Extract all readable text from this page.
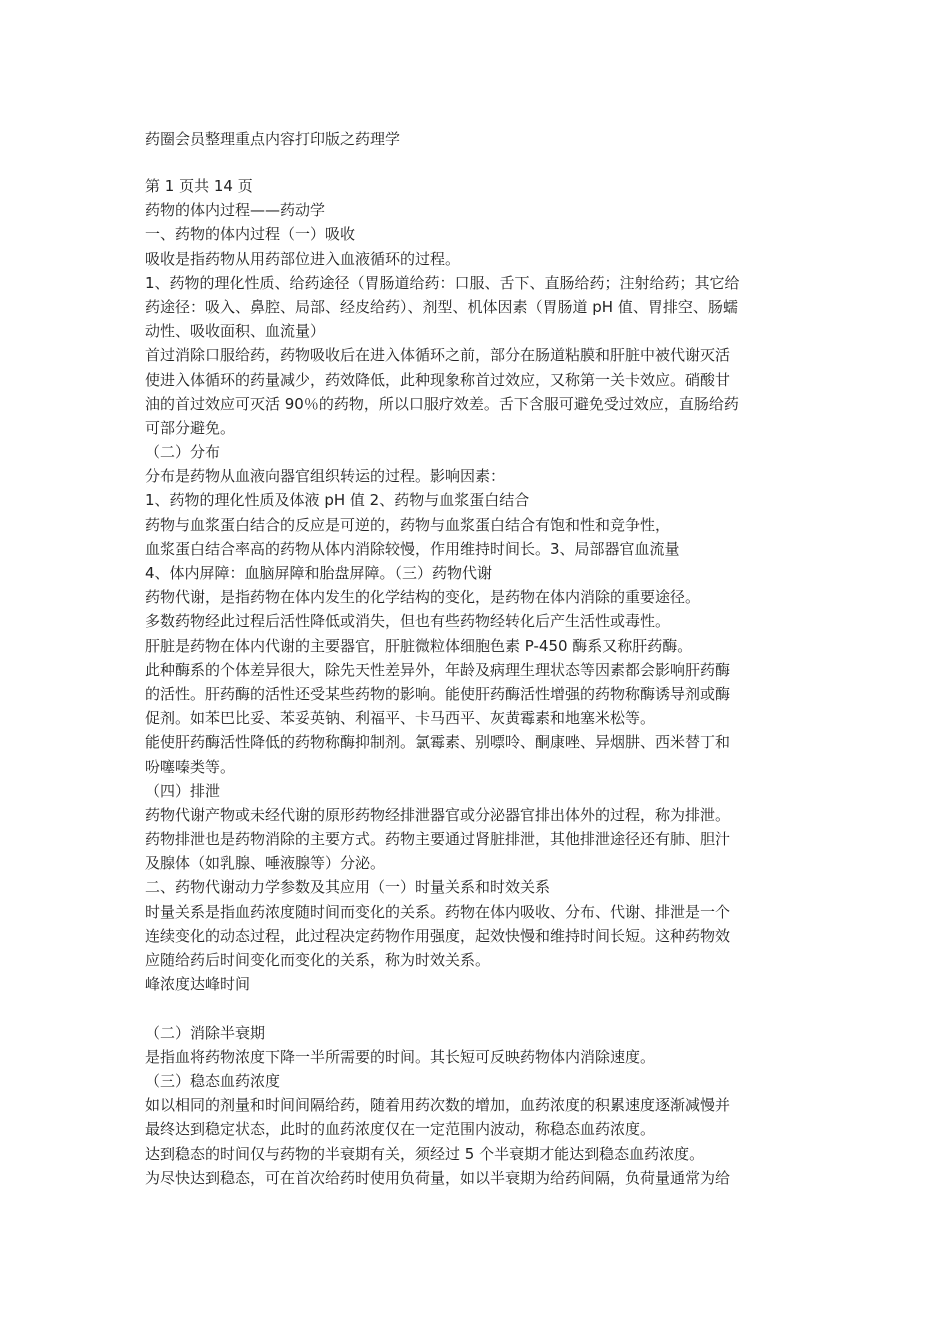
药圈会员整理重点内容打印版之药理学
第 1 页共 14 页
药物的体内过程——药动学
一、药物的体内过程（一）吸收
吸收是指药物从用药部位进入血液循环的过程。
1、药物的理化性质、给药途径（胃肠道给药：口服、舌下、直肠给药；注射给药；其它给
药途径：吸入、鼻腔、局部、经皮给药）、剂型、机体因素（胃肠道 pH 值、胃排空、肠蠕
动性、吸收面积、血流量）
首过消除口服给药，药物吸收后在进入体循环之前，部分在肠道粘膜和肝脏中被代谢灭活
使进入体循环的药量减少，药效降低，此种现象称首过效应，又称第一关卡效应。硝酸甘
油的首过效应可灭活 90％的药物，所以口服疗效差。舌下含服可避免受过效应，直肠给药
可部分避免。
（二）分布
分布是药物从血液向器官组织转运的过程。影响因素：
1、药物的理化性质及体液 pH 值 2、药物与血浆蛋白结合
药物与血浆蛋白结合的反应是可逆的，药物与血浆蛋白结合有饱和性和竞争性，
血浆蛋白结合率高的药物从体内消除较慢，作用维持时间长。3、局部器官血流量
4、体内屏障：血脑屏障和胎盘屏障。（三）药物代谢
药物代谢，是指药物在体内发生的化学结构的变化，是药物在体内消除的重要途径。
多数药物经此过程后活性降低或消失，但也有些药物经转化后产生活性或毒性。
肝脏是药物在体内代谢的主要器官，肝脏微粒体细胞色素 P-450 酶系又称肝药酶。
此种酶系的个体差异很大，除先天性差异外，年龄及病理生理状态等因素都会影响肝药酶
的活性。肝药酶的活性还受某些药物的影响。能使肝药酶活性增强的药物称酶诱导剂或酶
促剂。如苯巴比妥、苯妥英钠、利福平、卡马西平、灰黄霉素和地塞米松等。
能使肝药酶活性降低的药物称酶抑制剂。氯霉素、别嘌呤、酮康唑、异烟肼、西米替丁和
吩噻嗪类等。
（四）排泄
药物代谢产物或未经代谢的原形药物经排泄器官或分泌器官排出体外的过程，称为排泄。
药物排泄也是药物消除的主要方式。药物主要通过肾脏排泄，其他排泄途径还有肺、胆汁
及腺体（如乳腺、唾液腺等）分泌。
二、药物代谢动力学参数及其应用（一）时量关系和时效关系
时量关系是指血药浓度随时间而变化的关系。药物在体内吸收、分布、代谢、排泄是一个
连续变化的动态过程，此过程决定药物作用强度，起效快慢和维持时间长短。这种药物效
应随给药后时间变化而变化的关系，称为时效关系。
峰浓度达峰时间
（二）消除半衰期
是指血将药物浓度下降一半所需要的时间。其长短可反映药物体内消除速度。
（三）稳态血药浓度
如以相同的剂量和时间间隔给药，随着用药次数的增加，血药浓度的积累速度逐渐减慢并
最终达到稳定状态，此时的血药浓度仅在一定范围内波动，称稳态血药浓度。
达到稳态的时间仅与药物的半衰期有关，须经过 5 个半衰期才能达到稳态血药浓度。
为尽快达到稳态，可在首次给药时使用负荷量，如以半衰期为给药间隔，负荷量通常为给
